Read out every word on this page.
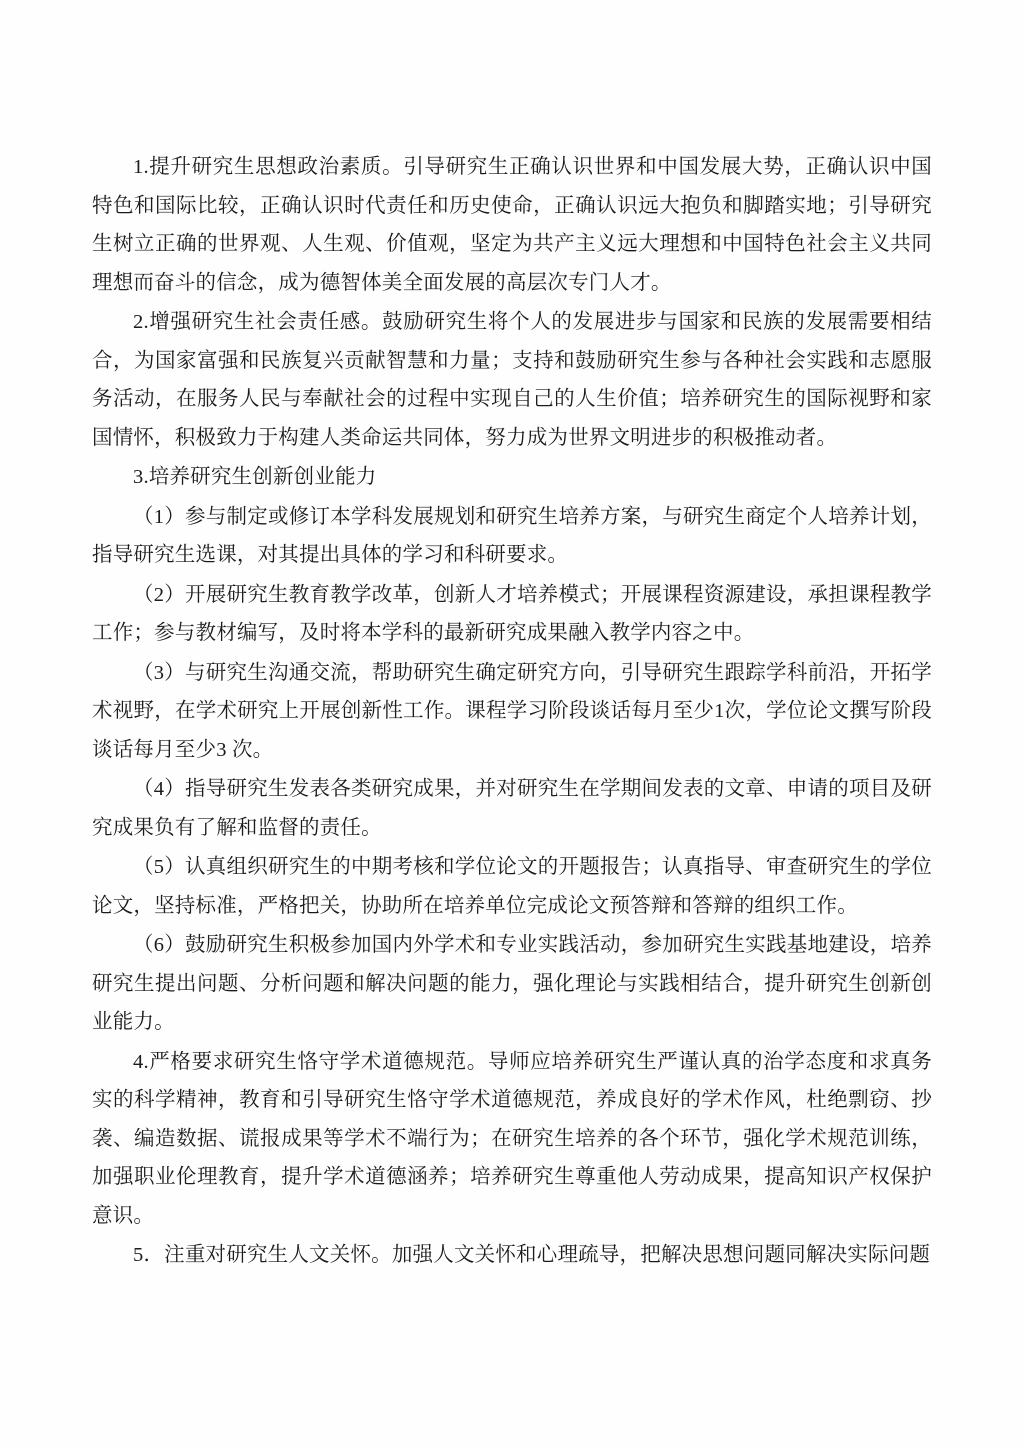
1.提升研究生思想政治素质。引导研究生正确认识世界和中国发展大势，正确认识中国特色和国际比较，正确认识时代责任和历史使命，正确认识远大抱负和脚踏实地；引导研究生树立正确的世界观、人生观、价值观，坚定为共产主义远大理想和中国特色社会主义共同理想而奋斗的信念，成为德智体美全面发展的高层次专门人才。

2.增强研究生社会责任感。鼓励研究生将个人的发展进步与国家和民族的发展需要相结合，为国家富强和民族复兴贡献智慧和力量；支持和鼓励研究生参与各种社会实践和志愿服务活动，在服务人民与奉献社会的过程中实现自己的人生价值；培养研究生的国际视野和家国情怀，积极致力于构建人类命运共同体，努力成为世界文明进步的积极推动者。

3.培养研究生创新创业能力

（1）参与制定或修订本学科发展规划和研究生培养方案，与研究生商定个人培养计划，指导研究生选课，对其提出具体的学习和科研要求。

（2）开展研究生教育教学改革，创新人才培养模式；开展课程资源建设，承担课程教学工作；参与教材编写，及时将本学科的最新研究成果融入教学内容之中。

（3）与研究生沟通交流，帮助研究生确定研究方向，引导研究生跟踪学科前沿，开拓学术视野，在学术研究上开展创新性工作。课程学习阶段谈话每月至少1次，学位论文撰写阶段谈话每月至少3 次。

（4）指导研究生发表各类研究成果，并对研究生在学期间发表的文章、申请的项目及研究成果负有了解和监督的责任。

（5）认真组织研究生的中期考核和学位论文的开题报告；认真指导、审查研究生的学位论文，坚持标准，严格把关，协助所在培养单位完成论文预答辩和答辩的组织工作。

（6）鼓励研究生积极参加国内外学术和专业实践活动，参加研究生实践基地建设，培养研究生提出问题、分析问题和解决问题的能力，强化理论与实践相结合，提升研究生创新创业能力。

4.严格要求研究生恪守学术道德规范。导师应培养研究生严谨认真的治学态度和求真务实的科学精神，教育和引导研究生恪守学术道德规范，养成良好的学术作风，杜绝剽窃、抄袭、编造数据、谎报成果等学术不端行为；在研究生培养的各个环节，强化学术规范训练，加强职业伦理教育，提升学术道德涵养；培养研究生尊重他人劳动成果，提高知识产权保护意识。

5．注重对研究生人文关怀。加强人文关怀和心理疏导，把解决思想问题同解决实际问题
